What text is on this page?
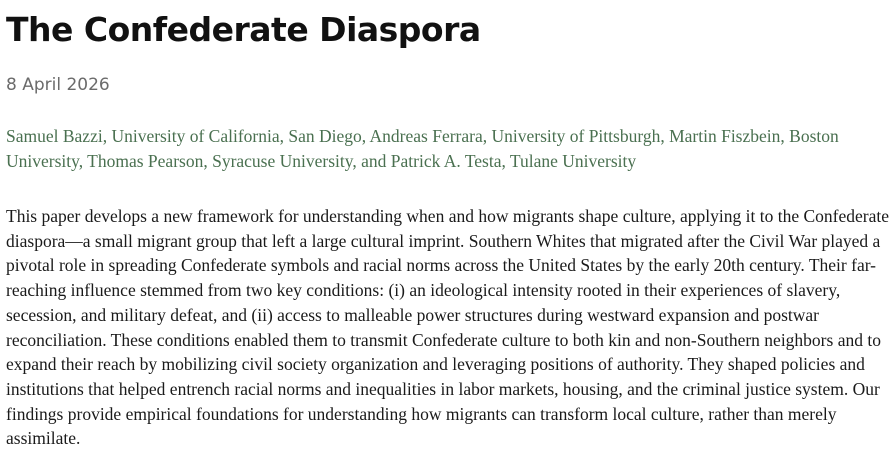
The Confederate Diaspora
8 April 2026
Samuel Bazzi, University of California, San Diego, Andreas Ferrara, University of Pittsburgh, Martin Fiszbein, Boston University, Thomas Pearson, Syracuse University, and Patrick A. Testa, Tulane University
This paper develops a new framework for understanding when and how migrants shape culture, applying it to the Confederate diaspora—a small migrant group that left a large cultural imprint. Southern Whites that migrated after the Civil War played a pivotal role in spreading Confederate symbols and racial norms across the United States by the early 20th century. Their far-reaching influence stemmed from two key conditions: (i) an ideological intensity rooted in their experiences of slavery, secession, and military defeat, and (ii) access to malleable power structures during westward expansion and postwar reconciliation. These conditions enabled them to transmit Confederate culture to both kin and non-Southern neighbors and to expand their reach by mobilizing civil society organization and leveraging positions of authority. They shaped policies and institutions that helped entrench racial norms and inequalities in labor markets, housing, and the criminal justice system. Our findings provide empirical foundations for understanding how migrants can transform local culture, rather than merely assimilate.
